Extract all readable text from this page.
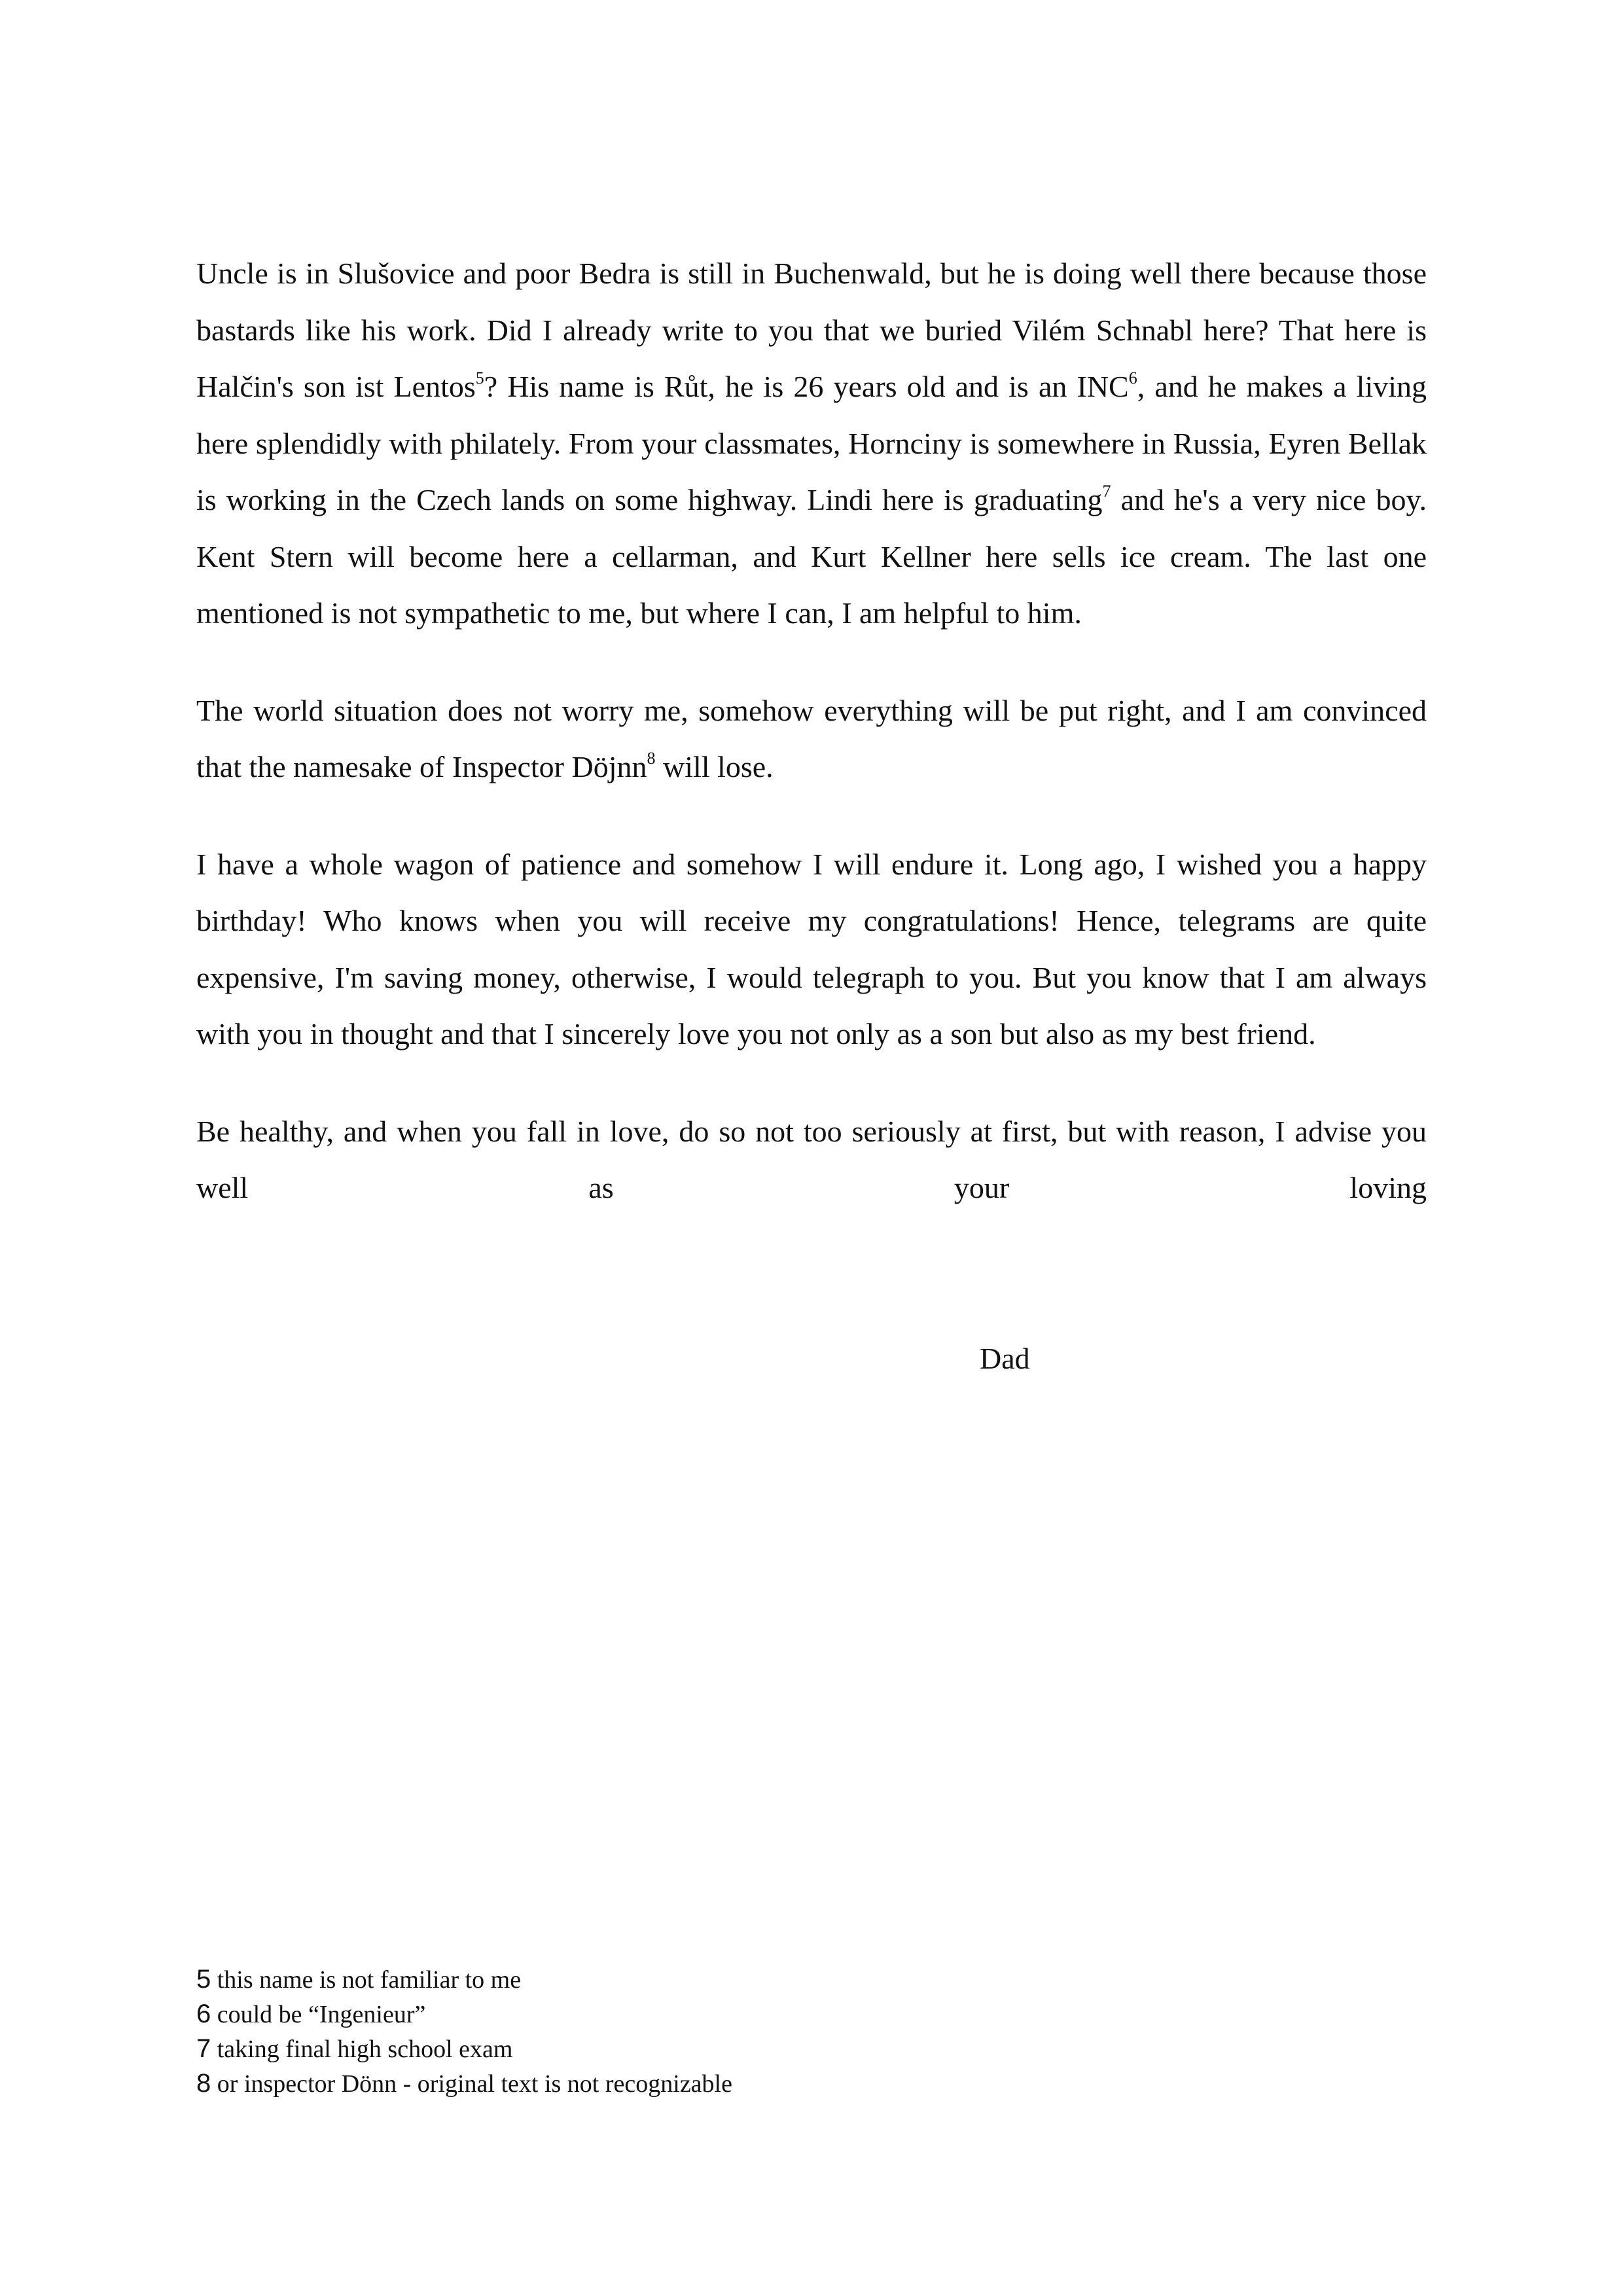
Uncle is in Slušovice and poor Bedra is still in Buchenwald, but he is doing well there because those bastards like his work. Did I already write to you that we buried Vilém Schnabl here? That here is Halčin's son ist Lentos$^5$? His name is Růt, he is 26 years old and is an INC$^6$, and he makes a living here splendidly with philately. From your classmates, Hornciny is somewhere in Russia, Eyren Bellak is working in the Czech lands on some highway. Lindi here is graduating$^7$ and he's a very nice boy. Kent Stern will become here a cellarman, and Kurt Kellner here sells ice cream. The last one mentioned is not sympathetic to me, but where I can, I am helpful to him.

The world situation does not worry me, somehow everything will be put right, and I am convinced that the namesake of Inspector Döjnn$^8$ will lose.

I have a whole wagon of patience and somehow I will endure it. Long ago, I wished you a happy birthday! Who knows when you will receive my congratulations! Hence, telegrams are quite expensive, I'm saving money, otherwise, I would telegraph to you. But you know that I am always with you in thought and that I sincerely love you not only as a son but also as my best friend.

Be healthy, and when you fall in love, do so not too seriously at first, but with reason, I advise you well as your loving

Dad

5 this name is not familiar to me

6 could be “Ingenieur”

7 taking final high school exam

8 or inspector Dönn - original text is not recognizable
